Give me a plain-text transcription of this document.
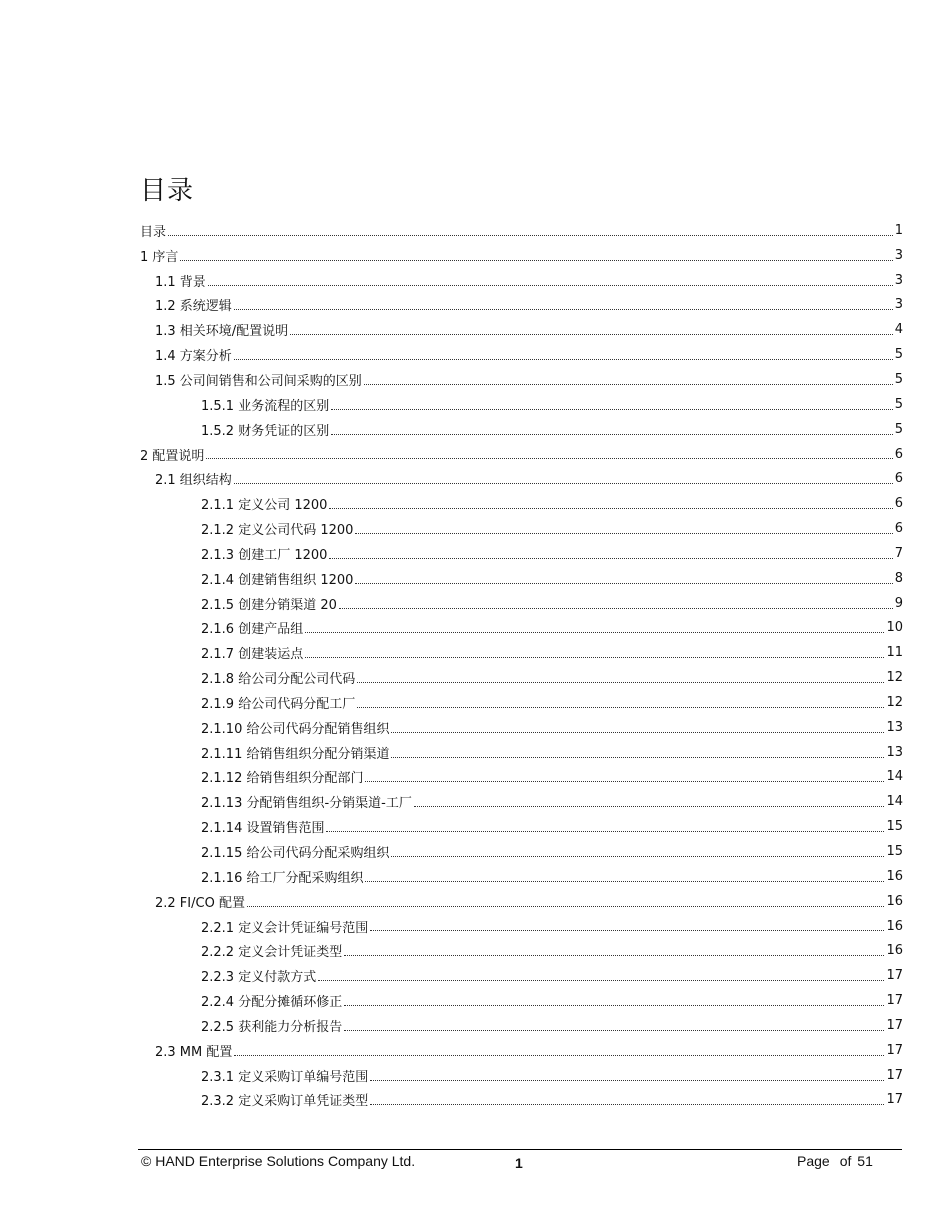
目录
目录	1
1 序言	3
1.1 背景	3
1.2 系统逻辑	3
1.3 相关环境/配置说明	4
1.4 方案分析	5
1.5 公司间销售和公司间采购的区别	5
1.5.1 业务流程的区别	5
1.5.2 财务凭证的区别	5
2 配置说明	6
2.1 组织结构	6
2.1.1 定义公司 1200	6
2.1.2 定义公司代码 1200	6
2.1.3 创建工厂 1200	7
2.1.4 创建销售组织 1200	8
2.1.5 创建分销渠道 20	9
2.1.6 创建产品组	10
2.1.7 创建装运点	11
2.1.8 给公司分配公司代码	12
2.1.9 给公司代码分配工厂	12
2.1.10 给公司代码分配销售组织	13
2.1.11 给销售组织分配分销渠道	13
2.1.12 给销售组织分配部门	14
2.1.13 分配销售组织-分销渠道-工厂	14
2.1.14 设置销售范围	15
2.1.15 给公司代码分配采购组织	15
2.1.16 给工厂分配采购组织	16
2.2 FI/CO 配置	16
2.2.1 定义会计凭证编号范围	16
2.2.2 定义会计凭证类型	16
2.2.3 定义付款方式	17
2.2.4 分配分摊循环修正	17
2.2.5 获利能力分析报告	17
2.3 MM 配置	17
2.3.1 定义采购订单编号范围	17
2.3.2 定义采购订单凭证类型	17
© HAND Enterprise Solutions Company Ltd.	1	Page of 51
